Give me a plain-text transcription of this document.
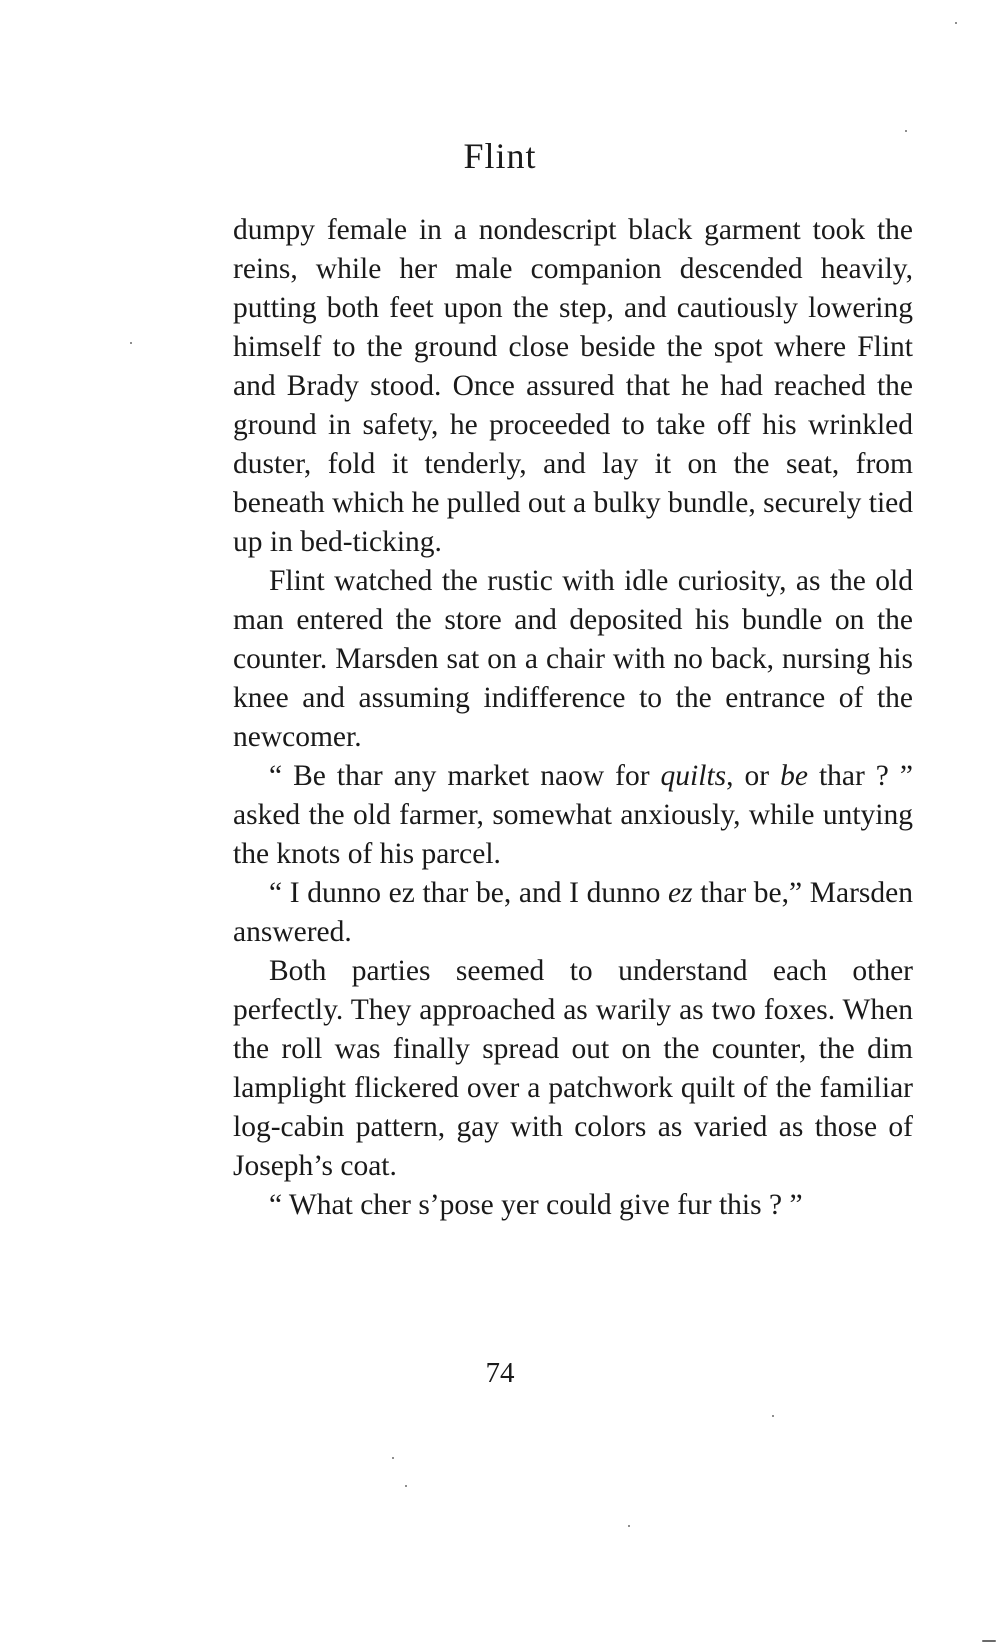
Flint

dumpy female in a nondescript black garment took the reins, while her male companion descended heavily, putting both feet upon the step, and cautiously lowering himself to the ground close beside the spot where Flint and Brady stood. Once assured that he had reached the ground in safety, he proceeded to take off his wrinkled duster, fold it tenderly, and lay it on the seat, from beneath which he pulled out a bulky bundle, securely tied up in bed-ticking.

Flint watched the rustic with idle curiosity, as the old man entered the store and deposited his bundle on the counter. Marsden sat on a chair with no back, nursing his knee and assuming indifference to the entrance of the newcomer.

“ Be thar any market naow for quilts, or be thar ? ” asked the old farmer, somewhat anxiously, while untying the knots of his parcel.

“ I dunno ez thar be, and I dunno ez thar be,” Marsden answered.

Both parties seemed to understand each other perfectly. They approached as warily as two foxes. When the roll was finally spread out on the counter, the dim lamplight flickered over a patchwork quilt of the familiar log-cabin pattern, gay with colors as varied as those of Joseph’s coat.

“ What cher s’pose yer could give fur this ? ”

74
